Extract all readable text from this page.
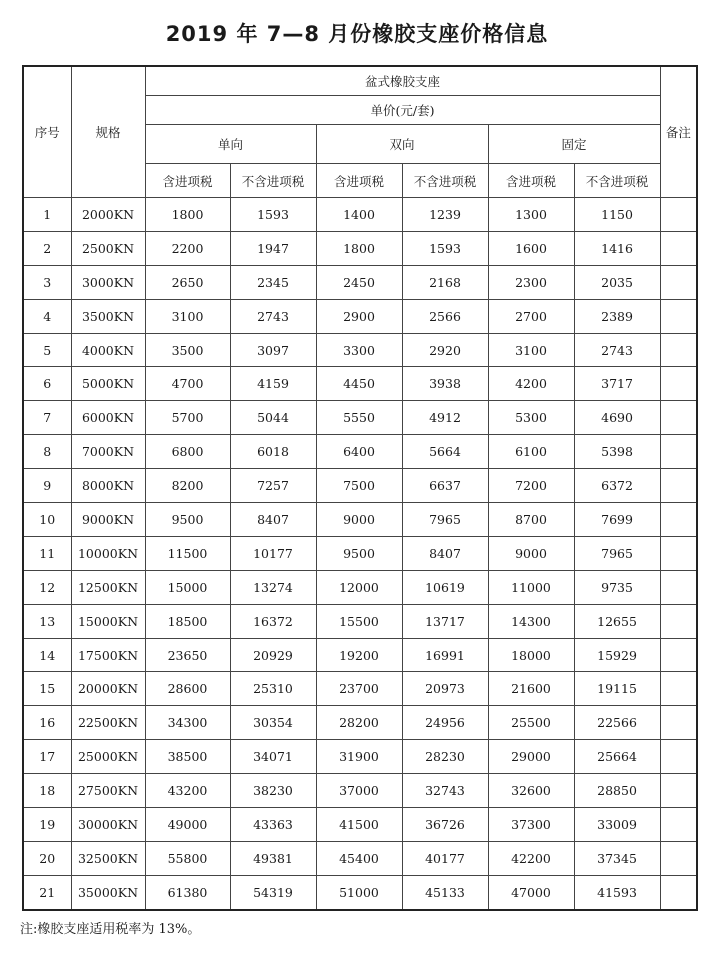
2019 年 7—8 月份橡胶支座价格信息
序号	规格	盆式橡胶支座						备注
		单价(元/套)						
		单向		双向		固定		
		含进项税	不含进项税	含进项税	不含进项税	含进项税	不含进项税	
1	2000KN	1800	1593	1400	1239	1300	1150	
2	2500KN	2200	1947	1800	1593	1600	1416	
3	3000KN	2650	2345	2450	2168	2300	2035	
4	3500KN	3100	2743	2900	2566	2700	2389	
5	4000KN	3500	3097	3300	2920	3100	2743	
6	5000KN	4700	4159	4450	3938	4200	3717	
7	6000KN	5700	5044	5550	4912	5300	4690	
8	7000KN	6800	6018	6400	5664	6100	5398	
9	8000KN	8200	7257	7500	6637	7200	6372	
10	9000KN	9500	8407	9000	7965	8700	7699	
11	10000KN	11500	10177	9500	8407	9000	7965	
12	12500KN	15000	13274	12000	10619	11000	9735	
13	15000KN	18500	16372	15500	13717	14300	12655	
14	17500KN	23650	20929	19200	16991	18000	15929	
15	20000KN	28600	25310	23700	20973	21600	19115	
16	22500KN	34300	30354	28200	24956	25500	22566	
17	25000KN	38500	34071	31900	28230	29000	25664	
18	27500KN	43200	38230	37000	32743	32600	28850	
19	30000KN	49000	43363	41500	36726	37300	33009	
20	32500KN	55800	49381	45400	40177	42200	37345	
21	35000KN	61380	54319	51000	45133	47000	41593	
注:橡胶支座适用税率为 13%。
